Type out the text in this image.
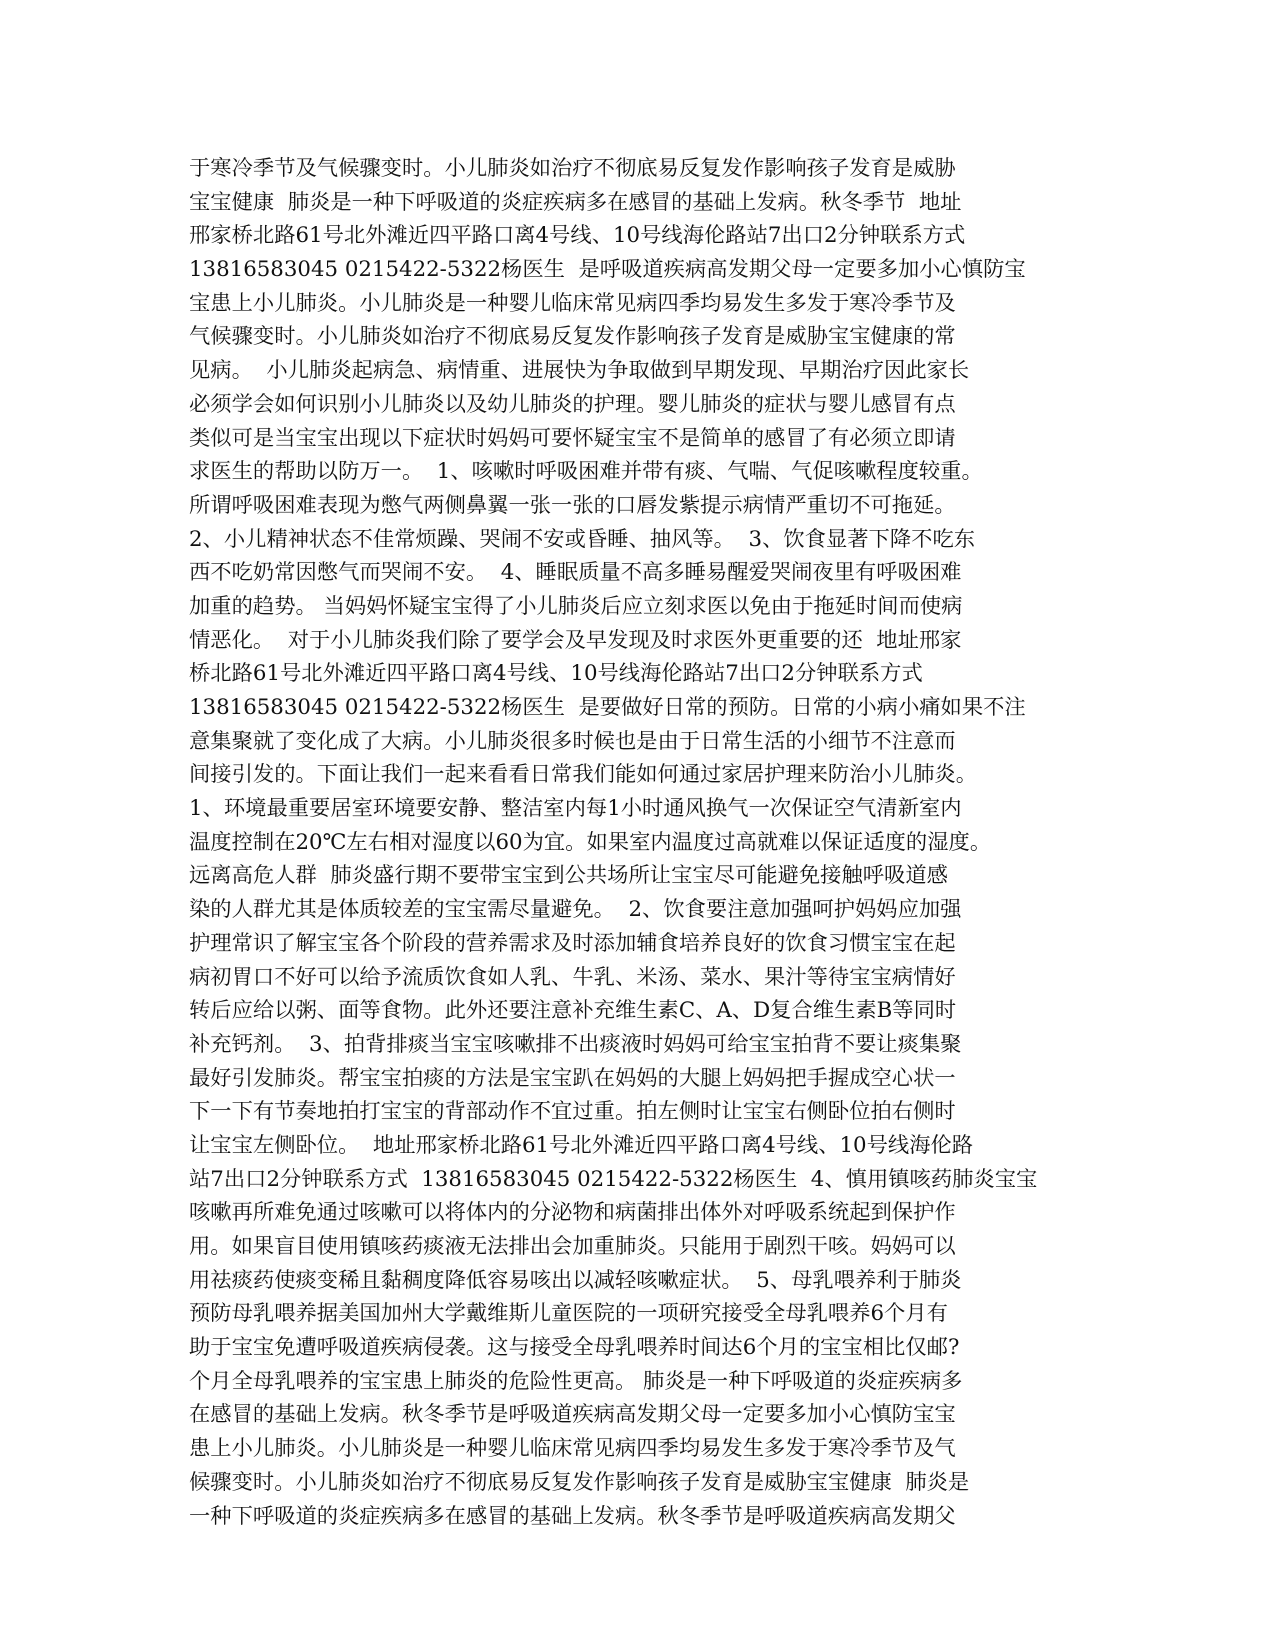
于寒冷季节及气候骤变时。小儿肺炎如治疗不彻底易反复发作影响孩子发育是威胁
宝宝健康  肺炎是一种下呼吸道的炎症疾病多在感冒的基础上发病。秋冬季节  地址
邢家桥北路61号北外滩近四平路口离4号线、10号线海伦路站7出口2分钟联系方式
13816583045 0215422-5322杨医生  是呼吸道疾病高发期父母一定要多加小心慎防宝
宝患上小儿肺炎。小儿肺炎是一种婴儿临床常见病四季均易发生多发于寒冷季节及
气候骤变时。小儿肺炎如治疗不彻底易反复发作影响孩子发育是威胁宝宝健康的常
见病。  小儿肺炎起病急、病情重、进展快为争取做到早期发现、早期治疗因此家长
必须学会如何识别小儿肺炎以及幼儿肺炎的护理。婴儿肺炎的症状与婴儿感冒有点
类似可是当宝宝出现以下症状时妈妈可要怀疑宝宝不是简单的感冒了有必须立即请
求医生的帮助以防万一。  1、咳嗽时呼吸困难并带有痰、气喘、气促咳嗽程度较重。
所谓呼吸困难表现为憋气两侧鼻翼一张一张的口唇发紫提示病情严重切不可拖延。
2、小儿精神状态不佳常烦躁、哭闹不安或昏睡、抽风等。  3、饮食显著下降不吃东
西不吃奶常因憋气而哭闹不安。  4、睡眠质量不高多睡易醒爱哭闹夜里有呼吸困难
加重的趋势。 当妈妈怀疑宝宝得了小儿肺炎后应立刻求医以免由于拖延时间而使病
情恶化。  对于小儿肺炎我们除了要学会及早发现及时求医外更重要的还  地址邢家
桥北路61号北外滩近四平路口离4号线、10号线海伦路站7出口2分钟联系方式
13816583045 0215422-5322杨医生  是要做好日常的预防。日常的小病小痛如果不注
意集聚就了变化成了大病。小儿肺炎很多时候也是由于日常生活的小细节不注意而
间接引发的。下面让我们一起来看看日常我们能如何通过家居护理来防治小儿肺炎。
1、环境最重要居室环境要安静、整洁室内每1小时通风换气一次保证空气清新室内
温度控制在20℃左右相对湿度以60为宜。如果室内温度过高就难以保证适度的湿度。
远离高危人群  肺炎盛行期不要带宝宝到公共场所让宝宝尽可能避免接触呼吸道感
染的人群尤其是体质较差的宝宝需尽量避免。  2、饮食要注意加强呵护妈妈应加强
护理常识了解宝宝各个阶段的营养需求及时添加辅食培养良好的饮食习惯宝宝在起
病初胃口不好可以给予流质饮食如人乳、牛乳、米汤、菜水、果汁等待宝宝病情好
转后应给以粥、面等食物。此外还要注意补充维生素C、A、D复合维生素B等同时
补充钙剂。  3、拍背排痰当宝宝咳嗽排不出痰液时妈妈可给宝宝拍背不要让痰集聚
最好引发肺炎。帮宝宝拍痰的方法是宝宝趴在妈妈的大腿上妈妈把手握成空心状一
下一下有节奏地拍打宝宝的背部动作不宜过重。拍左侧时让宝宝右侧卧位拍右侧时
让宝宝左侧卧位。  地址邢家桥北路61号北外滩近四平路口离4号线、10号线海伦路
站7出口2分钟联系方式  13816583045 0215422-5322杨医生  4、慎用镇咳药肺炎宝宝
咳嗽再所难免通过咳嗽可以将体内的分泌物和病菌排出体外对呼吸系统起到保护作
用。如果盲目使用镇咳药痰液无法排出会加重肺炎。只能用于剧烈干咳。妈妈可以
用祛痰药使痰变稀且黏稠度降低容易咳出以减轻咳嗽症状。  5、母乳喂养利于肺炎
预防母乳喂养据美国加州大学戴维斯儿童医院的一项研究接受全母乳喂养6个月有
助于宝宝免遭呼吸道疾病侵袭。这与接受全母乳喂养时间达6个月的宝宝相比仅邮?
个月全母乳喂养的宝宝患上肺炎的危险性更高。 肺炎是一种下呼吸道的炎症疾病多
在感冒的基础上发病。秋冬季节是呼吸道疾病高发期父母一定要多加小心慎防宝宝
患上小儿肺炎。小儿肺炎是一种婴儿临床常见病四季均易发生多发于寒冷季节及气
候骤变时。小儿肺炎如治疗不彻底易反复发作影响孩子发育是威胁宝宝健康  肺炎是
一种下呼吸道的炎症疾病多在感冒的基础上发病。秋冬季节是呼吸道疾病高发期父
